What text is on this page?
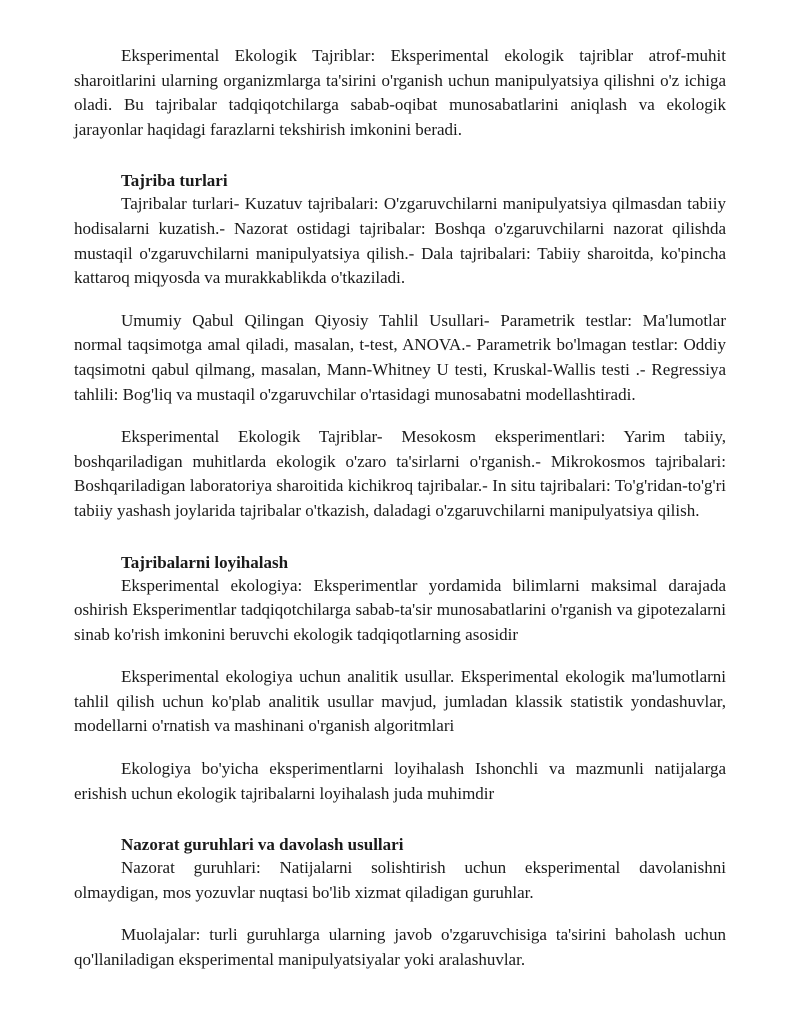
Eksperimental Ekologik Tajriblar: Eksperimental ekologik tajriblar atrof-muhit sharoitlarini ularning organizmlarga ta'sirini o'rganish uchun manipulyatsiya qilishni o'z ichiga oladi. Bu tajribalar tadqiqotchilarga sabab-oqibat munosabatlarini aniqlash va ekologik jarayonlar haqidagi farazlarni tekshirish imkonini beradi.

Tajriba turlari

Tajribalar turlari- Kuzatuv tajribalari: O'zgaruvchilarni manipulyatsiya qilmasdan tabiiy hodisalarni kuzatish.- Nazorat ostidagi tajribalar: Boshqa o'zgaruvchilarni nazorat qilishda mustaqil o'zgaruvchilarni manipulyatsiya qilish.- Dala tajribalari: Tabiiy sharoitda, ko'pincha kattaroq miqyosda va murakkablikda o'tkaziladi.

Umumiy Qabul Qilingan Qiyosiy Tahlil Usullari- Parametrik testlar: Ma'lumotlar normal taqsimotga amal qiladi, masalan, t-test, ANOVA.- Parametrik bo'lmagan testlar: Oddiy taqsimotni qabul qilmang, masalan, Mann-Whitney U testi, Kruskal-Wallis testi .- Regressiya tahlili: Bog'liq va mustaqil o'zgaruvchilar o'rtasidagi munosabatni modellashtiradi.

Eksperimental Ekologik Tajriblar- Mesokosm eksperimentlari: Yarim tabiiy, boshqariladigan muhitlarda ekologik o'zaro ta'sirlarni o'rganish.- Mikrokosmos tajribalari: Boshqariladigan laboratoriya sharoitida kichikroq tajribalar.- In situ tajribalari: To'g'ridan-to'g'ri tabiiy yashash joylarida tajribalar o'tkazish, daladagi o'zgaruvchilarni manipulyatsiya qilish.

Tajribalarni loyihalash

Eksperimental ekologiya: Eksperimentlar yordamida bilimlarni maksimal darajada oshirish Eksperimentlar tadqiqotchilarga sabab-ta'sir munosabatlarini o'rganish va gipotezalarni sinab ko'rish imkonini beruvchi ekologik tadqiqotlarning asosidir

Eksperimental ekologiya uchun analitik usullar. Eksperimental ekologik ma'lumotlarni tahlil qilish uchun ko'plab analitik usullar mavjud, jumladan klassik statistik yondashuvlar, modellarni o'rnatish va mashinani o'rganish algoritmlari

Ekologiya bo'yicha eksperimentlarni loyihalash Ishonchli va mazmunli natijalarga erishish uchun ekologik tajribalarni loyihalash juda muhimdir

Nazorat guruhlari va davolash usullari

Nazorat guruhlari: Natijalarni solishtirish uchun eksperimental davolanishni olmaydigan, mos yozuvlar nuqtasi bo'lib xizmat qiladigan guruhlar.

Muolajalar: turli guruhlarga ularning javob o'zgaruvchisiga ta'sirini baholash uchun qo'llaniladigan eksperimental manipulyatsiyalar yoki aralashuvlar.
